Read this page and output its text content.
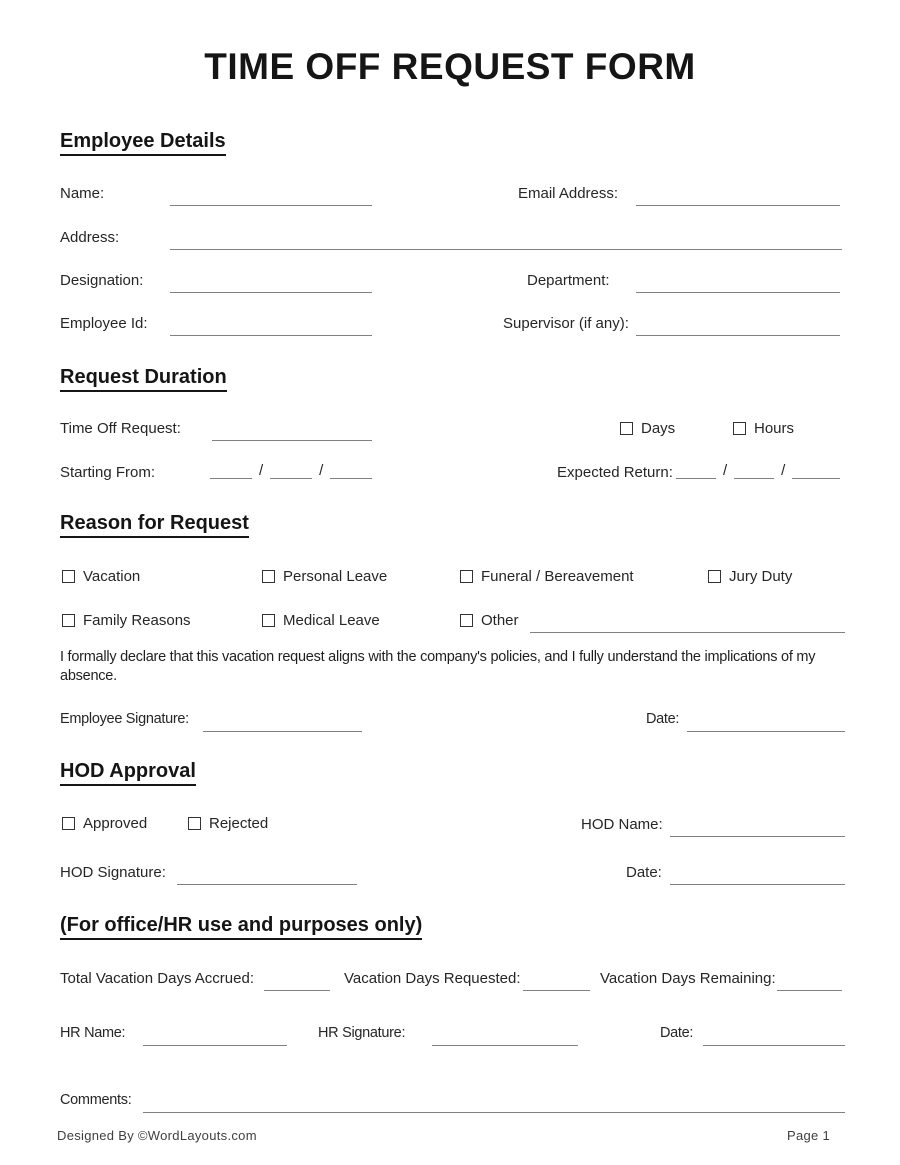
TIME OFF REQUEST FORM
Employee Details
Name:	Email Address:
Address:
Designation:	Department:
Employee Id:	Supervisor (if any):
Request Duration
Time Off Request:	Days	Hours
Starting From:	/	/	Expected Return:	/	/
Reason for Request
Vacation	Personal Leave	Funeral / Bereavement	Jury Duty
Family Reasons	Medical Leave	Other
I formally declare that this vacation request aligns with the company's policies, and I fully understand the implications of my absence.
Employee Signature:	Date:
HOD Approval
Approved	Rejected	HOD Name:
HOD Signature:	Date:
(For office/HR use and purposes only)
Total Vacation Days Accrued:	Vacation Days Requested:	Vacation Days Remaining:
HR Name:	HR Signature:	Date:
Comments:
Designed By ©WordLayouts.com	Page 1
